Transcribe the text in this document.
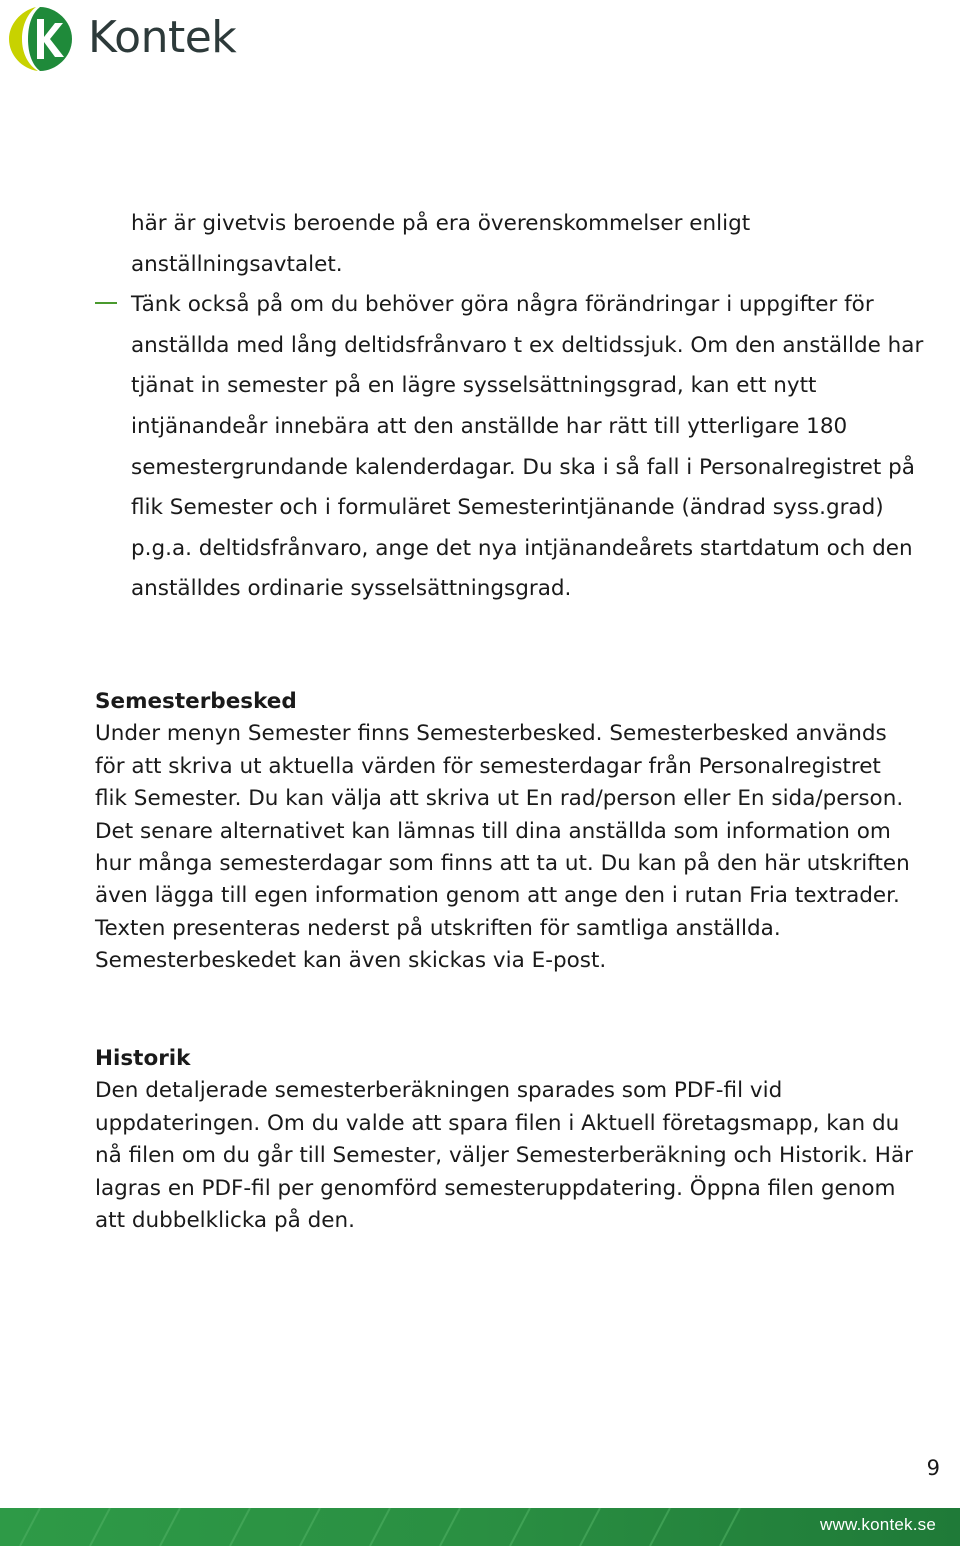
Kontek

här är givetvis beroende på era överenskommelser enligt anställningsavtalet.

Tänk också på om du behöver göra några förändringar i uppgifter för anställda med lång deltidsfrånvaro t ex deltidssjuk. Om den anställde har tjänat in semester på en lägre sysselsättningsgrad, kan ett nytt intjänandeår innebära att den anställde har rätt till ytterligare 180 semestergrundande kalenderdagar. Du ska i så fall i Personalregistret på flik Semester och i formuläret Semesterintjänande (ändrad syss.grad) p.g.a. deltidsfrånvaro, ange det nya intjänandeårets startdatum och den anställdes ordinarie sysselsättningsgrad.

Semesterbesked

Under menyn Semester finns Semesterbesked. Semesterbesked används för att skriva ut aktuella värden för semesterdagar från Personalregistret flik Semester. Du kan välja att skriva ut En rad/person eller En sida/person. Det senare alternativet kan lämnas till dina anställda som information om hur många semesterdagar som finns att ta ut. Du kan på den här utskriften även lägga till egen information genom att ange den i rutan Fria textrader. Texten presenteras nederst på utskriften för samtliga anställda. Semesterbeskedet kan även skickas via E-post.

Historik

Den detaljerade semesterberäkningen sparades som PDF-fil vid uppdateringen. Om du valde att spara filen i Aktuell företagsmapp, kan du nå filen om du går till Semester, väljer Semesterberäkning och Historik. Här lagras en PDF-fil per genomförd semesteruppdatering. Öppna filen genom att dubbelklicka på den.

9
www.kontek.se
